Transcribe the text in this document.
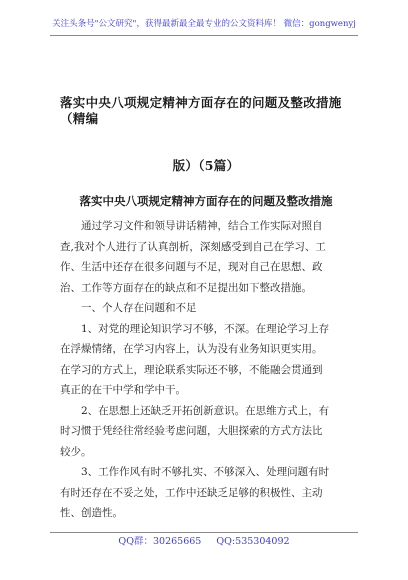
关注头条号"公文研究"，获得最新最全最专业的公文资料库！ 微信：gongwenyj
落实中央八项规定精神方面存在的问题及整改措施（精编
版）（5篇）
落实中央八项规定精神方面存在的问题及整改措施
通过学习文件和领导讲话精神，结合工作实际对照自
查,我对个人进行了认真剖析，深刻感受到自己在学习、工
作、生活中还存在很多问题与不足，现对自己在思想、政
治、工作等方面存在的缺点和不足提出如下整改措施。
一、个人存在问题和不足
1、对党的理论知识学习不够，不深。在理论学习上存
在浮燥情绪，在学习内容上，认为没有业务知识更实用。
在学习的方式上，理论联系实际还不够，不能融会贯通到
真正的在干中学和学中干。
2、在思想上还缺乏开拓创新意识。在思维方式上，有
时习惯于凭经往常经验考虑问题，大胆探索的方式方法比
较少。
3、工作作风有时不够扎实、不够深入、处理问题有时
有时还存在不妥之处，工作中还缺乏足够的积极性、主动
性、创造性。
QQ群：30265665 QQ:535304092
